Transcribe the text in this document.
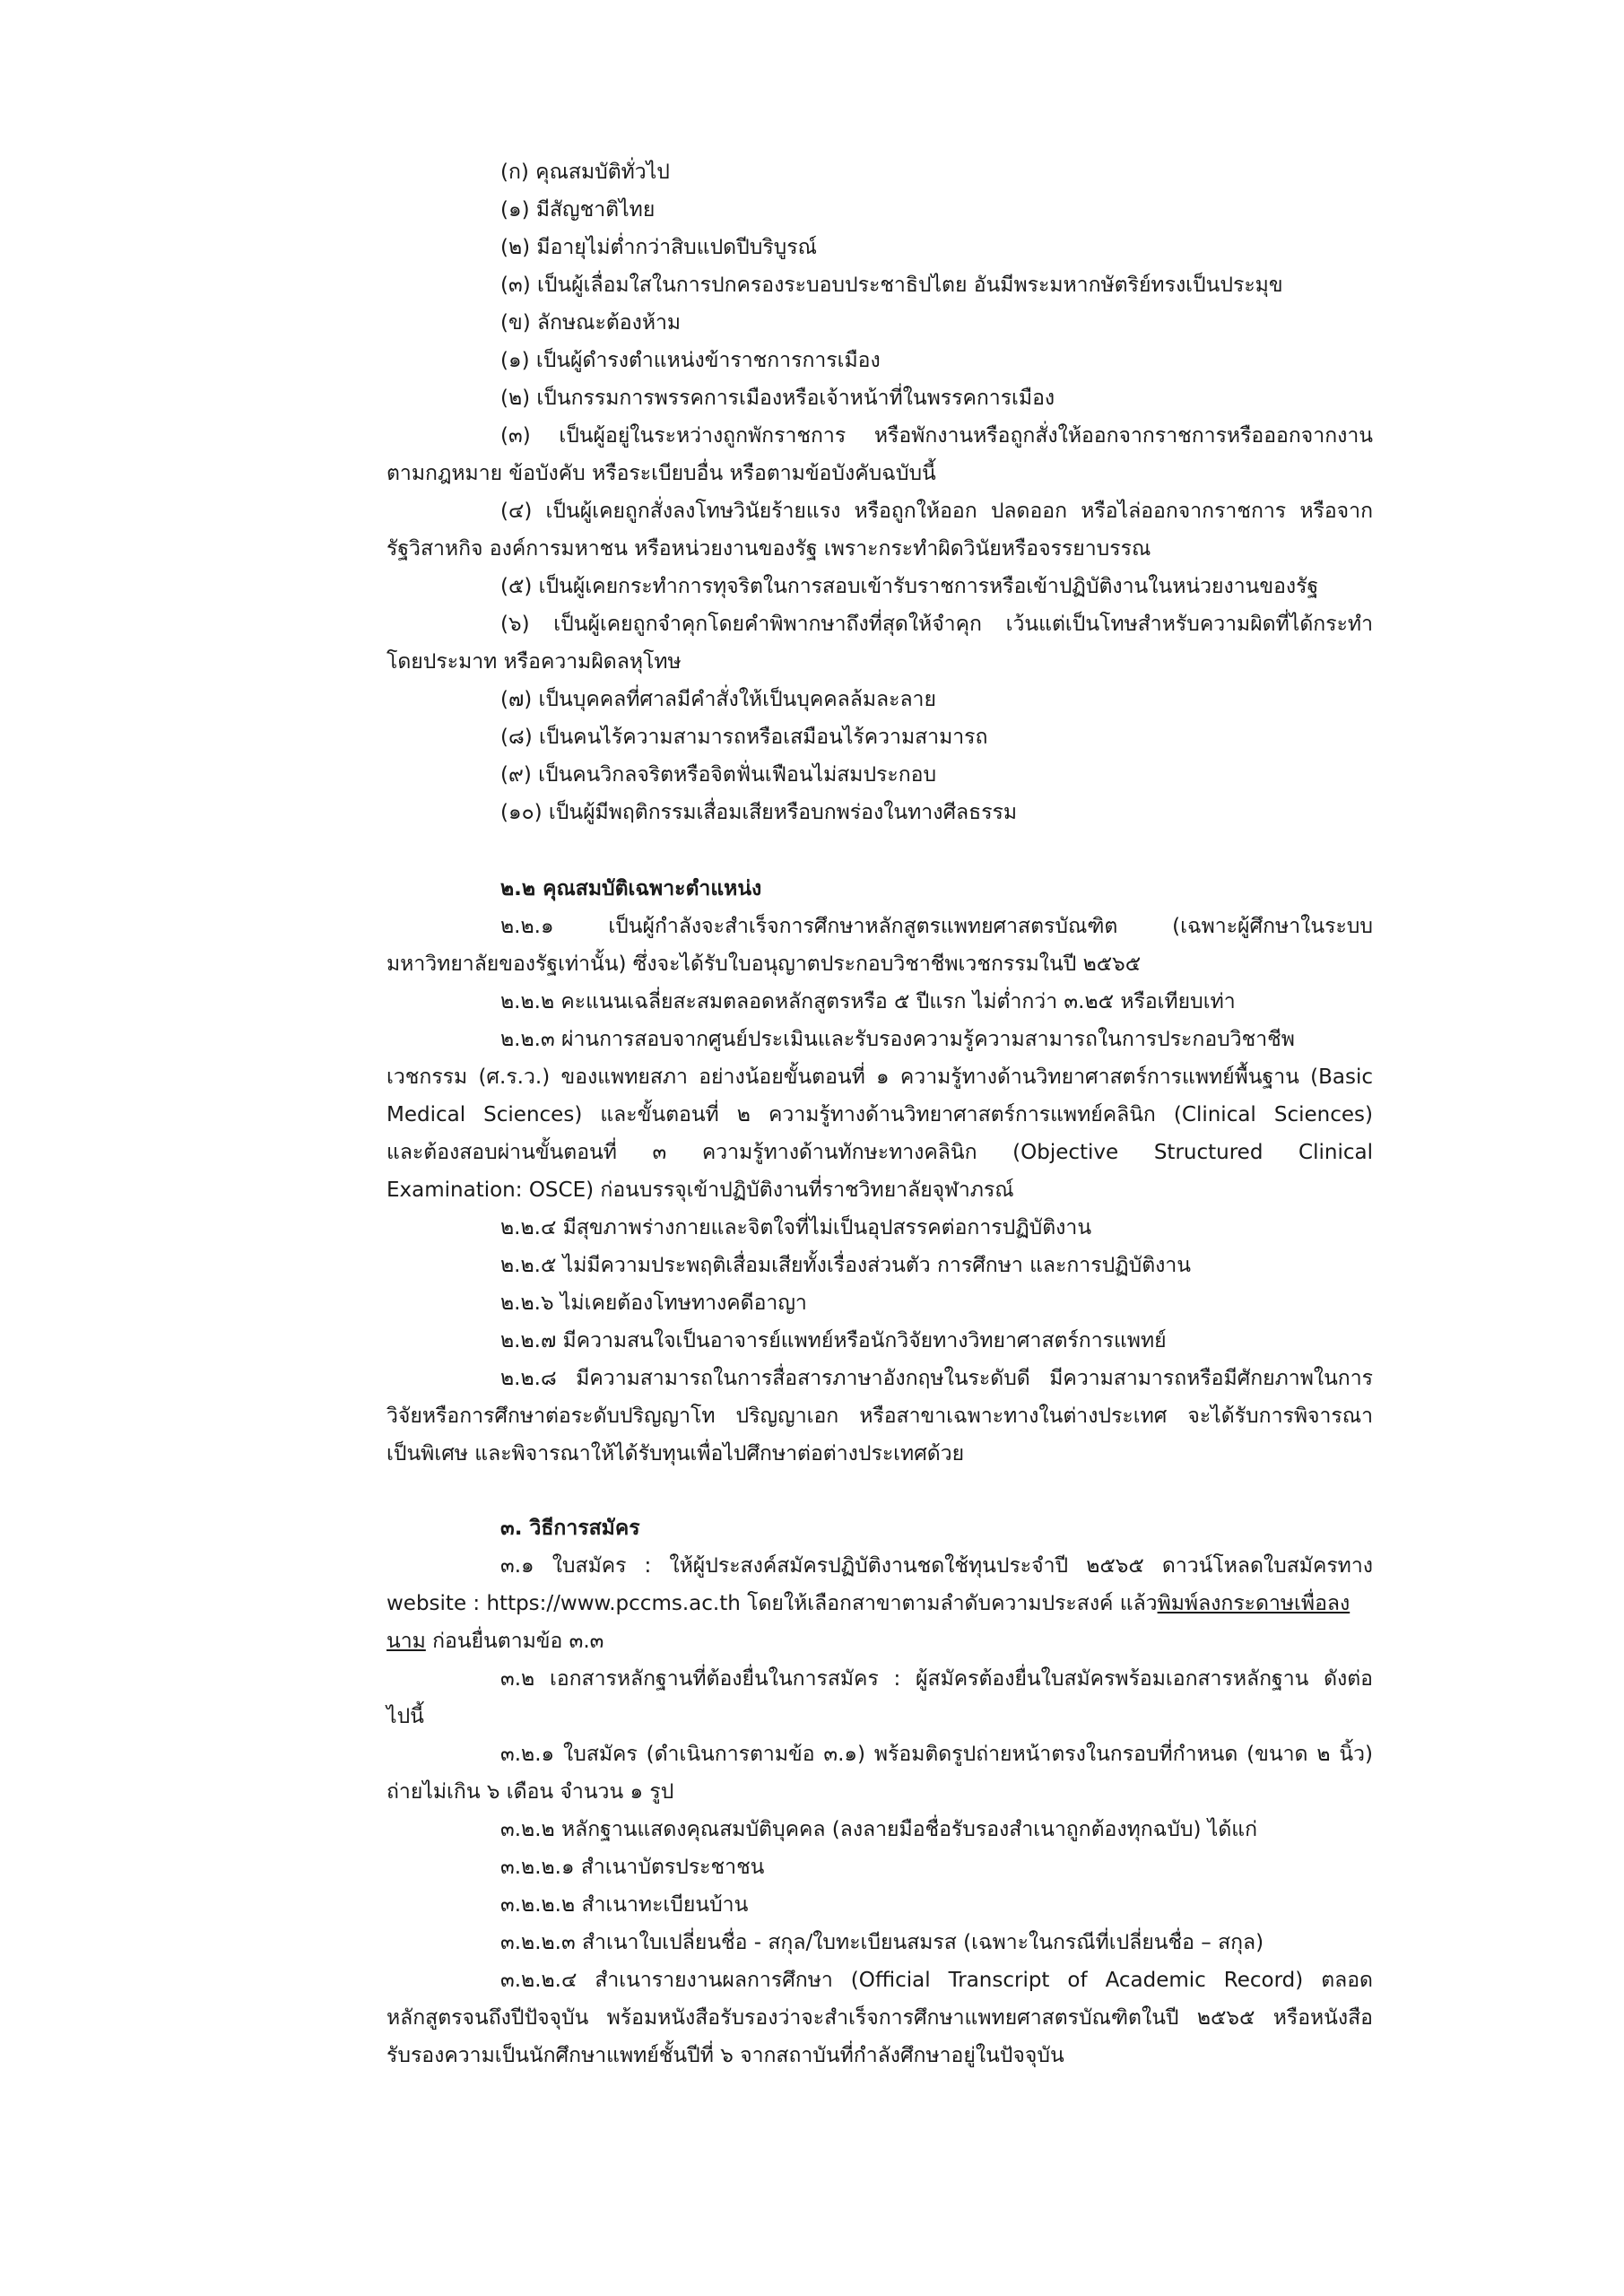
(ก) คุณสมบัติทั่วไป
(๑) มีสัญชาติไทย
(๒) มีอายุไม่ต่ำกว่าสิบแปดปีบริบูรณ์
(๓) เป็นผู้เลื่อมใสในการปกครองระบอบประชาธิปไตย อันมีพระมหากษัตริย์ทรงเป็นประมุข
(ข) ลักษณะต้องห้าม
(๑) เป็นผู้ดำรงตำแหน่งข้าราชการการเมือง
(๒) เป็นกรรมการพรรคการเมืองหรือเจ้าหน้าที่ในพรรคการเมือง
(๓) เป็นผู้อยู่ในระหว่างถูกพักราชการ หรือพักงานหรือถูกสั่งให้ออกจากราชการหรือออกจากงาน
ตามกฎหมาย ข้อบังคับ หรือระเบียบอื่น หรือตามข้อบังคับฉบับนี้
(๔) เป็นผู้เคยถูกสั่งลงโทษวินัยร้ายแรง หรือถูกให้ออก ปลดออก หรือไล่ออกจากราชการ หรือจาก
รัฐวิสาหกิจ องค์การมหาชน หรือหน่วยงานของรัฐ เพราะกระทำผิดวินัยหรือจรรยาบรรณ
(๕) เป็นผู้เคยกระทำการทุจริตในการสอบเข้ารับราชการหรือเข้าปฏิบัติงานในหน่วยงานของรัฐ
(๖) เป็นผู้เคยถูกจำคุกโดยคำพิพากษาถึงที่สุดให้จำคุก เว้นแต่เป็นโทษสำหรับความผิดที่ได้กระทำ
โดยประมาท หรือความผิดลหุโทษ
(๗) เป็นบุคคลที่ศาลมีคำสั่งให้เป็นบุคคลล้มละลาย
(๘) เป็นคนไร้ความสามารถหรือเสมือนไร้ความสามารถ
(๙) เป็นคนวิกลจริตหรือจิตฟั่นเฟือนไม่สมประกอบ
(๑๐) เป็นผู้มีพฤติกรรมเสื่อมเสียหรือบกพร่องในทางศีลธรรม
๒.๒ คุณสมบัติเฉพาะตำแหน่ง
๒.๒.๑ เป็นผู้กำลังจะสำเร็จการศึกษาหลักสูตรแพทยศาสตรบัณฑิต (เฉพาะผู้ศึกษาในระบบ
มหาวิทยาลัยของรัฐเท่านั้น) ซึ่งจะได้รับใบอนุญาตประกอบวิชาชีพเวชกรรมในปี ๒๕๖๕
๒.๒.๒ คะแนนเฉลี่ยสะสมตลอดหลักสูตรหรือ ๕ ปีแรก ไม่ต่ำกว่า ๓.๒๕ หรือเทียบเท่า
๒.๒.๓ ผ่านการสอบจากศูนย์ประเมินและรับรองความรู้ความสามารถในการประกอบวิชาชีพ
เวชกรรม (ศ.ร.ว.) ของแพทยสภา อย่างน้อยขั้นตอนที่ ๑ ความรู้ทางด้านวิทยาศาสตร์การแพทย์พื้นฐาน (Basic
Medical Sciences) และขั้นตอนที่ ๒ ความรู้ทางด้านวิทยาศาสตร์การแพทย์คลินิก (Clinical Sciences)
และต้องสอบผ่านขั้นตอนที่ ๓ ความรู้ทางด้านทักษะทางคลินิก (Objective Structured Clinical
Examination: OSCE) ก่อนบรรจุเข้าปฏิบัติงานที่ราชวิทยาลัยจุฬาภรณ์
๒.๒.๔ มีสุขภาพร่างกายและจิตใจที่ไม่เป็นอุปสรรคต่อการปฏิบัติงาน
๒.๒.๕ ไม่มีความประพฤติเสื่อมเสียทั้งเรื่องส่วนตัว การศึกษา และการปฏิบัติงาน
๒.๒.๖ ไม่เคยต้องโทษทางคดีอาญา
๒.๒.๗ มีความสนใจเป็นอาจารย์แพทย์หรือนักวิจัยทางวิทยาศาสตร์การแพทย์
๒.๒.๘ มีความสามารถในการสื่อสารภาษาอังกฤษในระดับดี มีความสามารถหรือมีศักยภาพในการ
วิจัยหรือการศึกษาต่อระดับปริญญาโท ปริญญาเอก หรือสาขาเฉพาะทางในต่างประเทศ จะได้รับการพิจารณา
เป็นพิเศษ และพิจารณาให้ได้รับทุนเพื่อไปศึกษาต่อต่างประเทศด้วย
๓. วิธีการสมัคร
๓.๑ ใบสมัคร : ให้ผู้ประสงค์สมัครปฏิบัติงานชดใช้ทุนประจำปี ๒๕๖๕ ดาวน์โหลดใบสมัครทาง
website : https://www.pccms.ac.th โดยให้เลือกสาขาตามลำดับความประสงค์ แล้วพิมพ์ลงกระดาษเพื่อลง
นาม ก่อนยื่นตามข้อ ๓.๓
๓.๒ เอกสารหลักฐานที่ต้องยื่นในการสมัคร : ผู้สมัครต้องยื่นใบสมัครพร้อมเอกสารหลักฐาน ดังต่อ
ไปนี้
๓.๒.๑ ใบสมัคร (ดำเนินการตามข้อ ๓.๑) พร้อมติดรูปถ่ายหน้าตรงในกรอบที่กำหนด (ขนาด ๒ นิ้ว)
ถ่ายไม่เกิน ๖ เดือน จำนวน ๑ รูป
๓.๒.๒ หลักฐานแสดงคุณสมบัติบุคคล (ลงลายมือชื่อรับรองสำเนาถูกต้องทุกฉบับ) ได้แก่
๓.๒.๒.๑ สำเนาบัตรประชาชน
๓.๒.๒.๒ สำเนาทะเบียนบ้าน
๓.๒.๒.๓ สำเนาใบเปลี่ยนชื่อ - สกุล/ใบทะเบียนสมรส (เฉพาะในกรณีที่เปลี่ยนชื่อ – สกุล)
๓.๒.๒.๔ สำเนารายงานผลการศึกษา (Official Transcript of Academic Record) ตลอด
หลักสูตรจนถึงปีปัจจุบัน พร้อมหนังสือรับรองว่าจะสำเร็จการศึกษาแพทยศาสตรบัณฑิตในปี ๒๕๖๕ หรือหนังสือ
รับรองความเป็นนักศึกษาแพทย์ชั้นปีที่ ๖ จากสถาบันที่กำลังศึกษาอยู่ในปัจจุบัน
